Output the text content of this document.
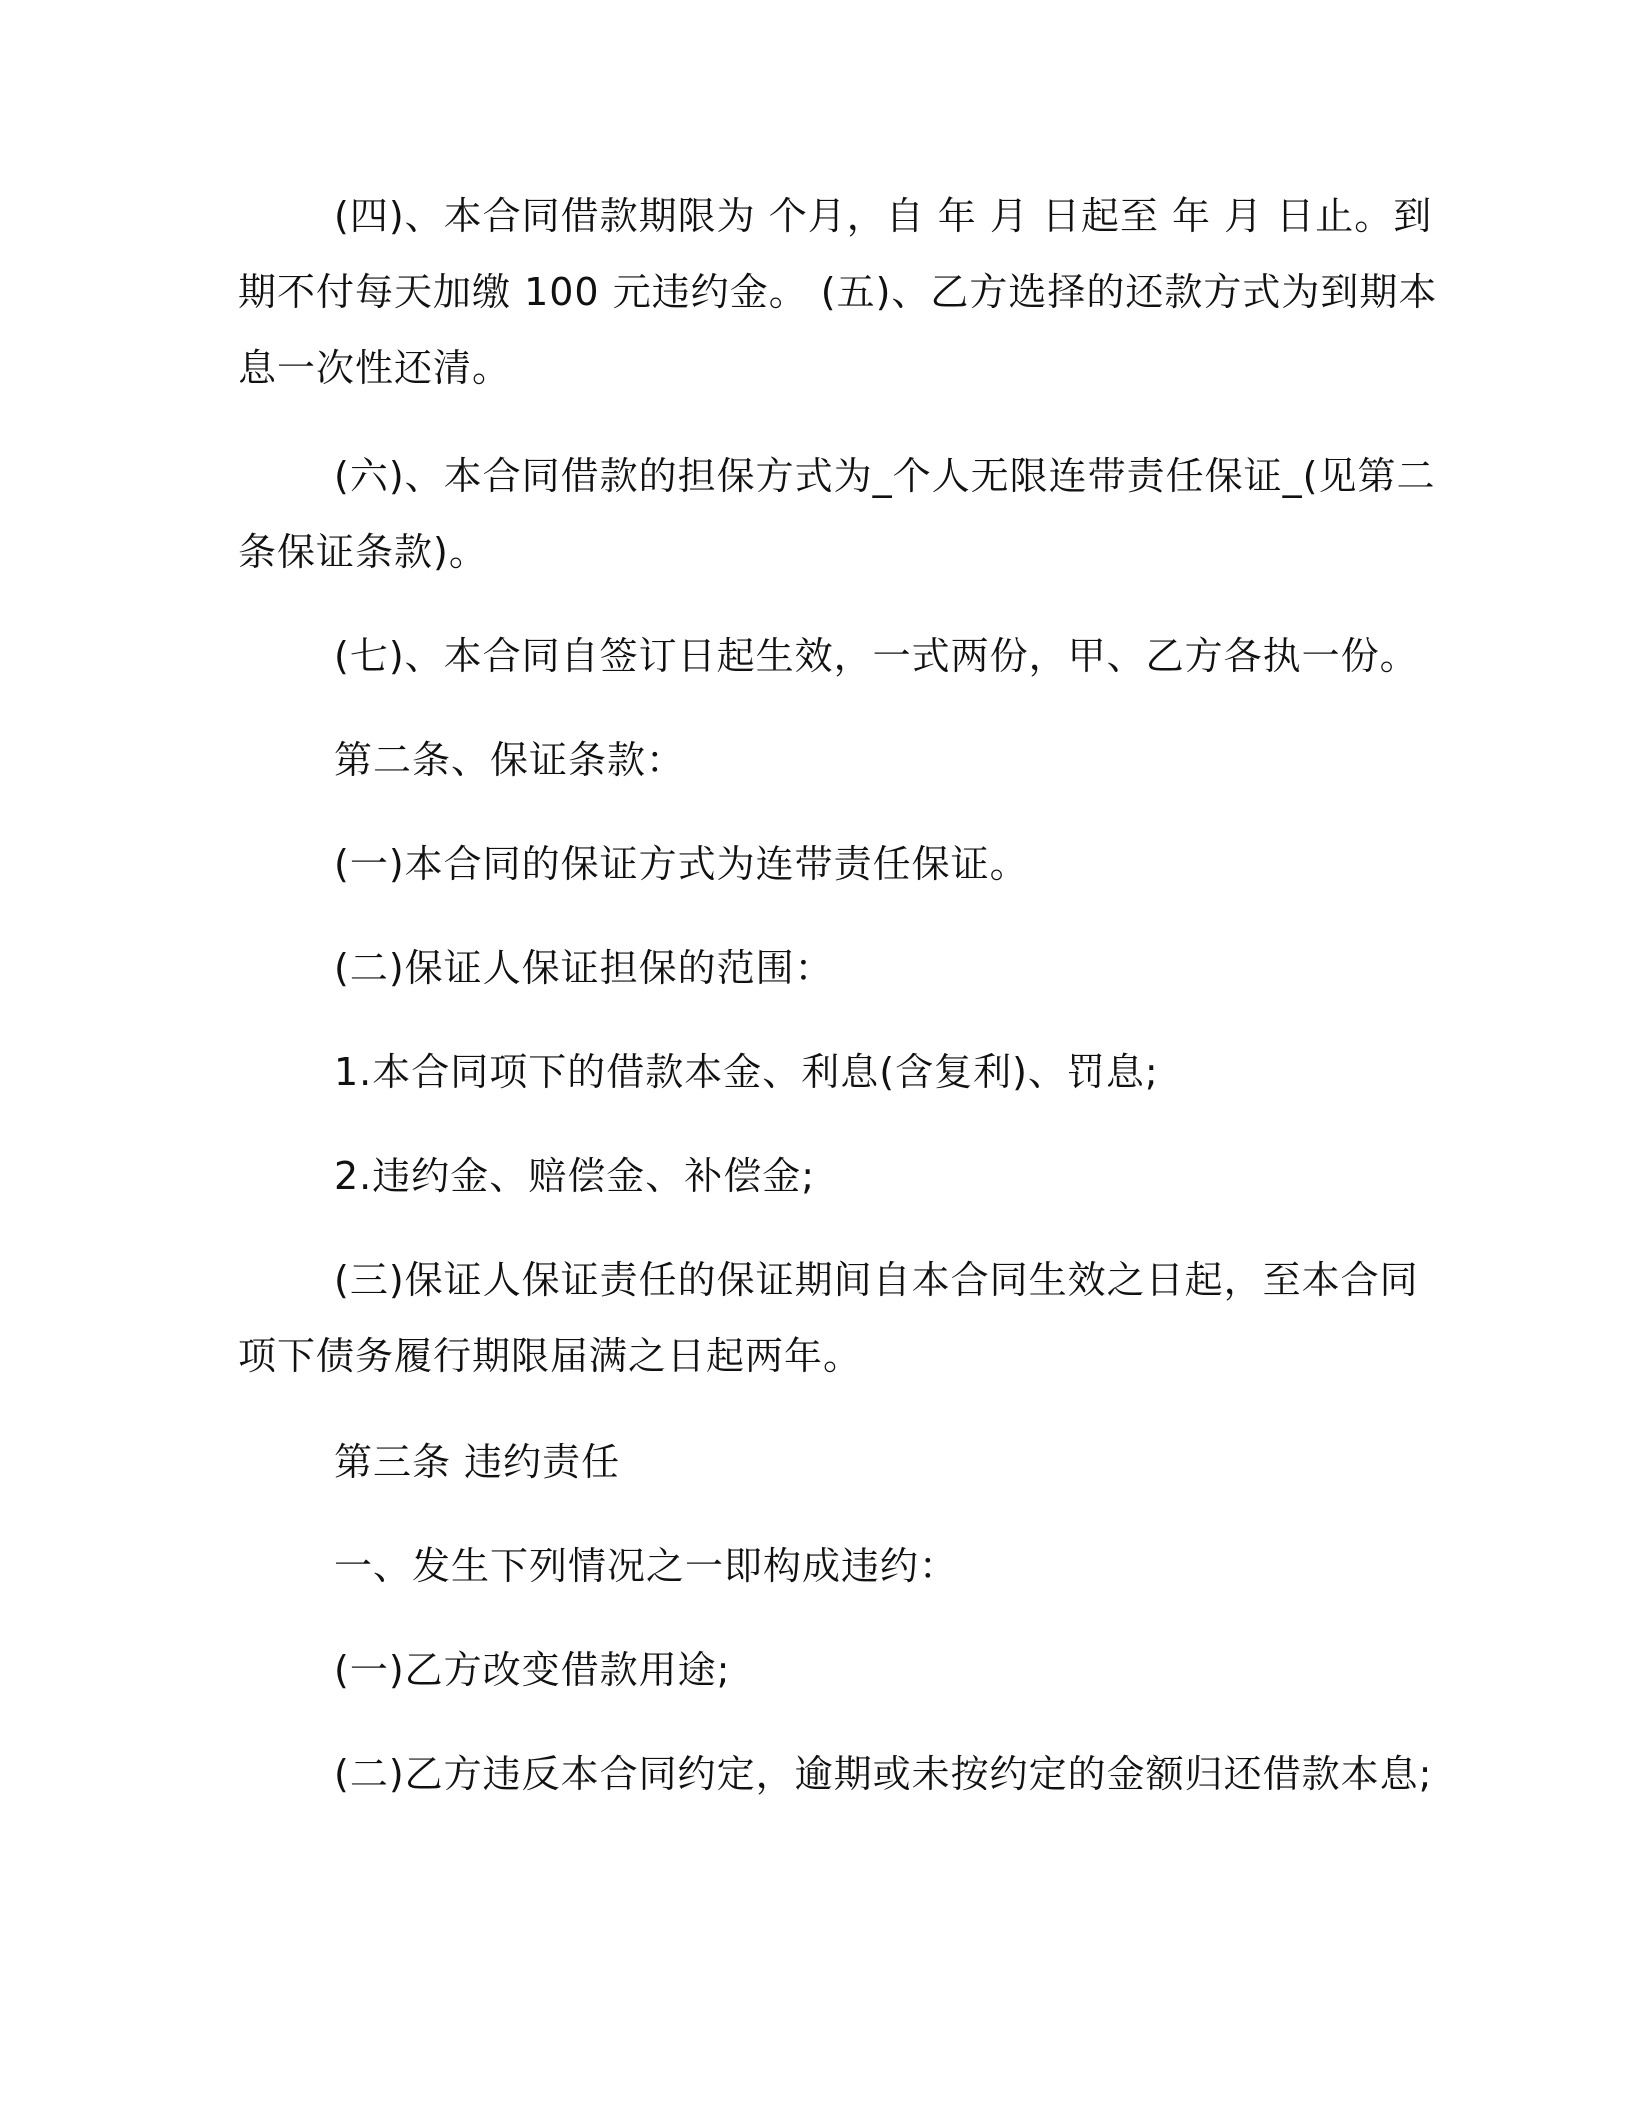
(四)、本合同借款期限为 个月，自 年 月 日起至 年 月 日止。到
期不付每天加缴 100 元违约金。 (五)、乙方选择的还款方式为到期本
息一次性还清。
(六)、本合同借款的担保方式为_个人无限连带责任保证_(见第二
条保证条款)。
(七)、本合同自签订日起生效，一式两份，甲、乙方各执一份。
第二条、保证条款：
(一)本合同的保证方式为连带责任保证。
(二)保证人保证担保的范围：
1.本合同项下的借款本金、利息(含复利)、罚息;
2.违约金、赔偿金、补偿金;
(三)保证人保证责任的保证期间自本合同生效之日起，至本合同
项下债务履行期限届满之日起两年。
第三条 违约责任
一、发生下列情况之一即构成违约：
(一)乙方改变借款用途;
(二)乙方违反本合同约定，逾期或未按约定的金额归还借款本息;
